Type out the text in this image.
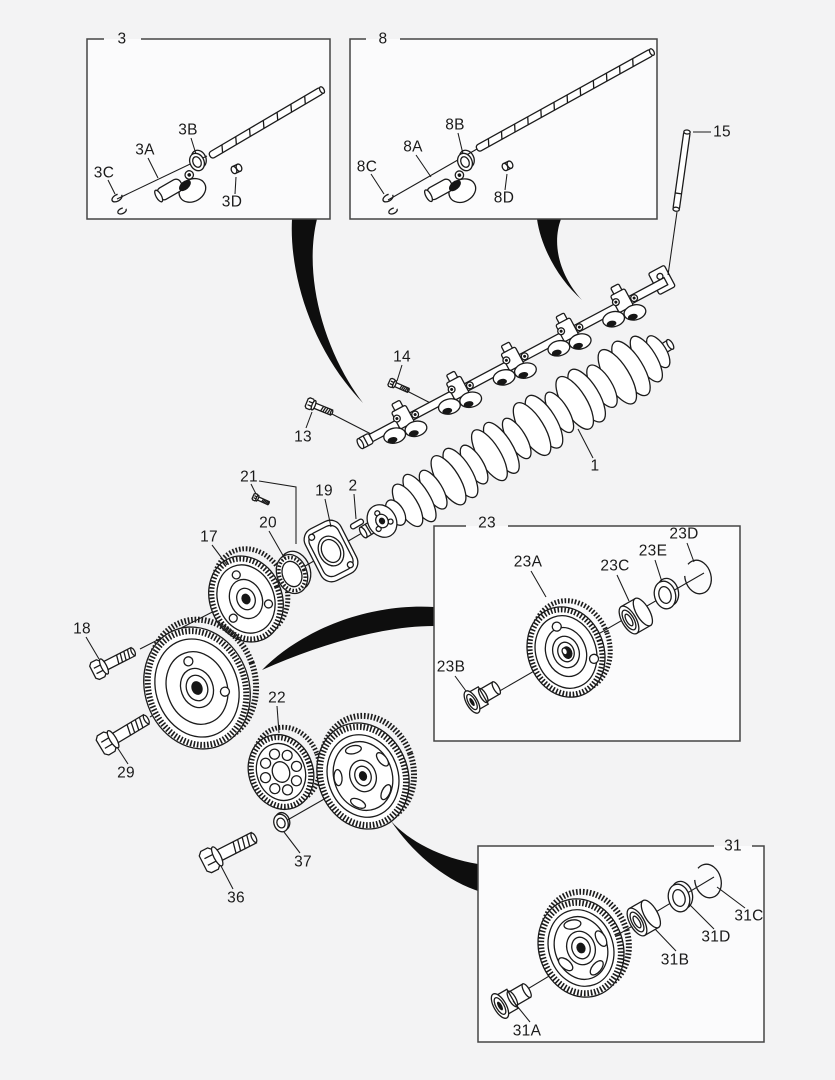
3	8
23
31
1
2
13
14
15
17
18
19
20
21
22
29
36
37
3A
3B
3C
3D
8A
8B
8C
8D
23A
23B
23C
23D
23E
31A
31B
31C
31D
